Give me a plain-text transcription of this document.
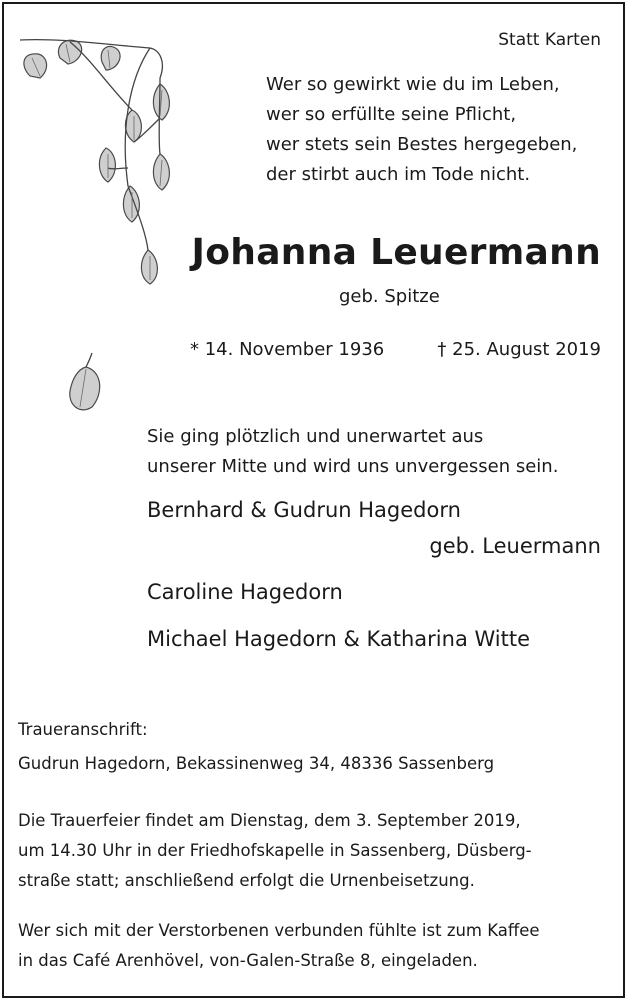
Statt Karten
Wer so gewirkt wie du im Leben,
wer so erfüllte seine Pflicht,
wer stets sein Bestes hergegeben,
der stirbt auch im Tode nicht.
Johanna Leuermann
geb. Spitze
* 14. November 1936	† 25. August 2019
Sie ging plötzlich und unerwartet aus
unserer Mitte und wird uns unvergessen sein.
Bernhard & Gudrun Hagedorn
geb. Leuermann
Caroline Hagedorn
Michael Hagedorn & Katharina Witte
Traueranschrift:
Gudrun Hagedorn, Bekassinenweg 34, 48336 Sassenberg
Die Trauerfeier findet am Dienstag, dem 3. September 2019,
um 14.30 Uhr in der Friedhofskapelle in Sassenberg, Düsberg-
straße statt; anschließend erfolgt die Urnenbeisetzung.
Wer sich mit der Verstorbenen verbunden fühlte ist zum Kaffee
in das Café Arenhövel, von-Galen-Straße 8, eingeladen.
